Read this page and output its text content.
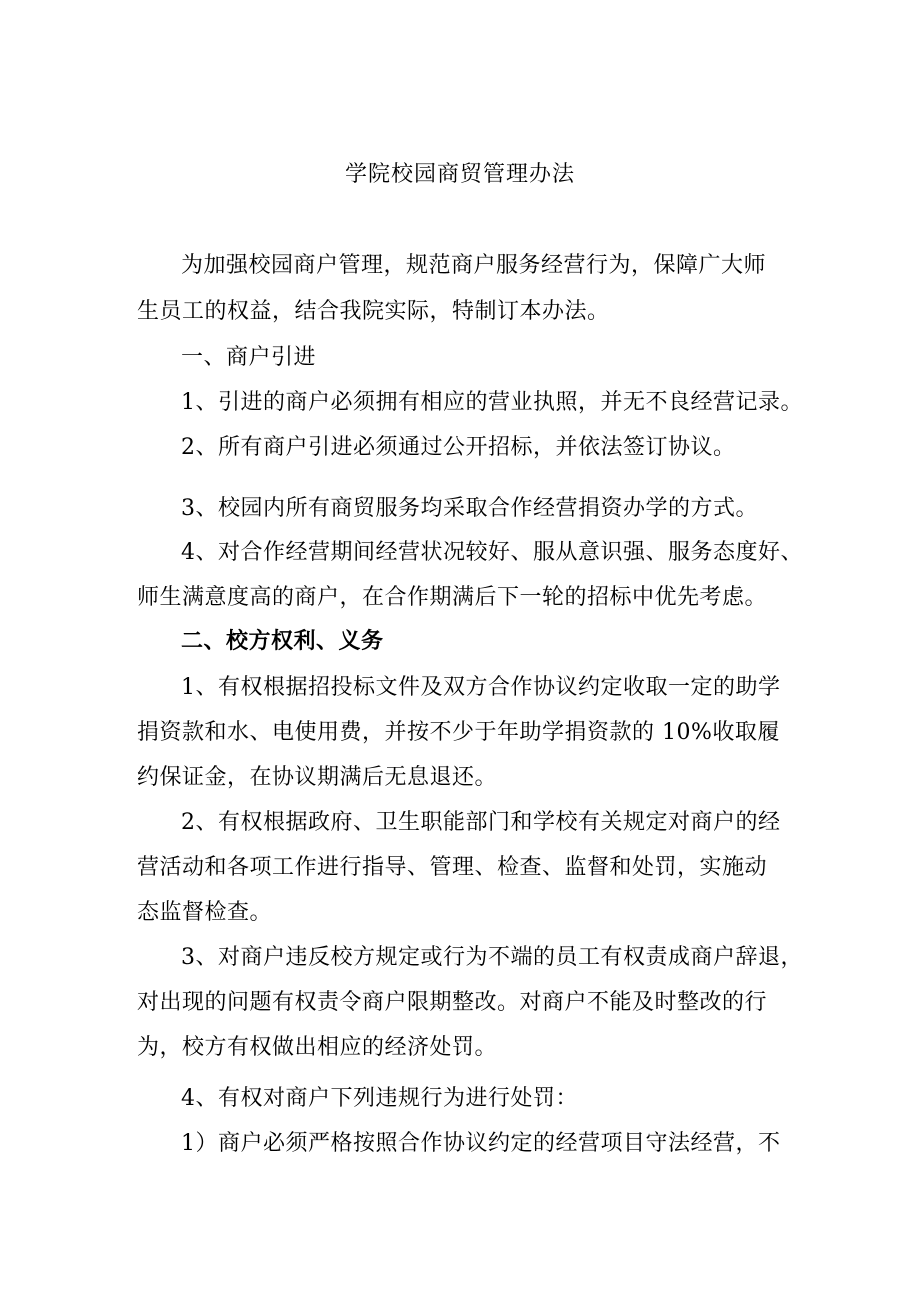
学院校园商贸管理办法
为加强校园商户管理，规范商户服务经营行为，保障广大师
生员工的权益，结合我院实际，特制订本办法。
一、商户引进
1、引进的商户必须拥有相应的营业执照，并无不良经营记录。
2、所有商户引进必须通过公开招标，并依法签订协议。
3、校园内所有商贸服务均采取合作经营捐资办学的方式。
4、对合作经营期间经营状况较好、服从意识强、服务态度好、
师生满意度高的商户，在合作期满后下一轮的招标中优先考虑。
二、校方权利、义务
1、有权根据招投标文件及双方合作协议约定收取一定的助学
捐资款和水、电使用费，并按不少于年助学捐资款的 10%收取履
约保证金，在协议期满后无息退还。
2、有权根据政府、卫生职能部门和学校有关规定对商户的经
营活动和各项工作进行指导、管理、检查、监督和处罚，实施动
态监督检查。
3、对商户违反校方规定或行为不端的员工有权责成商户辞退，
对出现的问题有权责令商户限期整改。对商户不能及时整改的行
为，校方有权做出相应的经济处罚。
4、有权对商户下列违规行为进行处罚：
1）商户必须严格按照合作协议约定的经营项目守法经营，不
